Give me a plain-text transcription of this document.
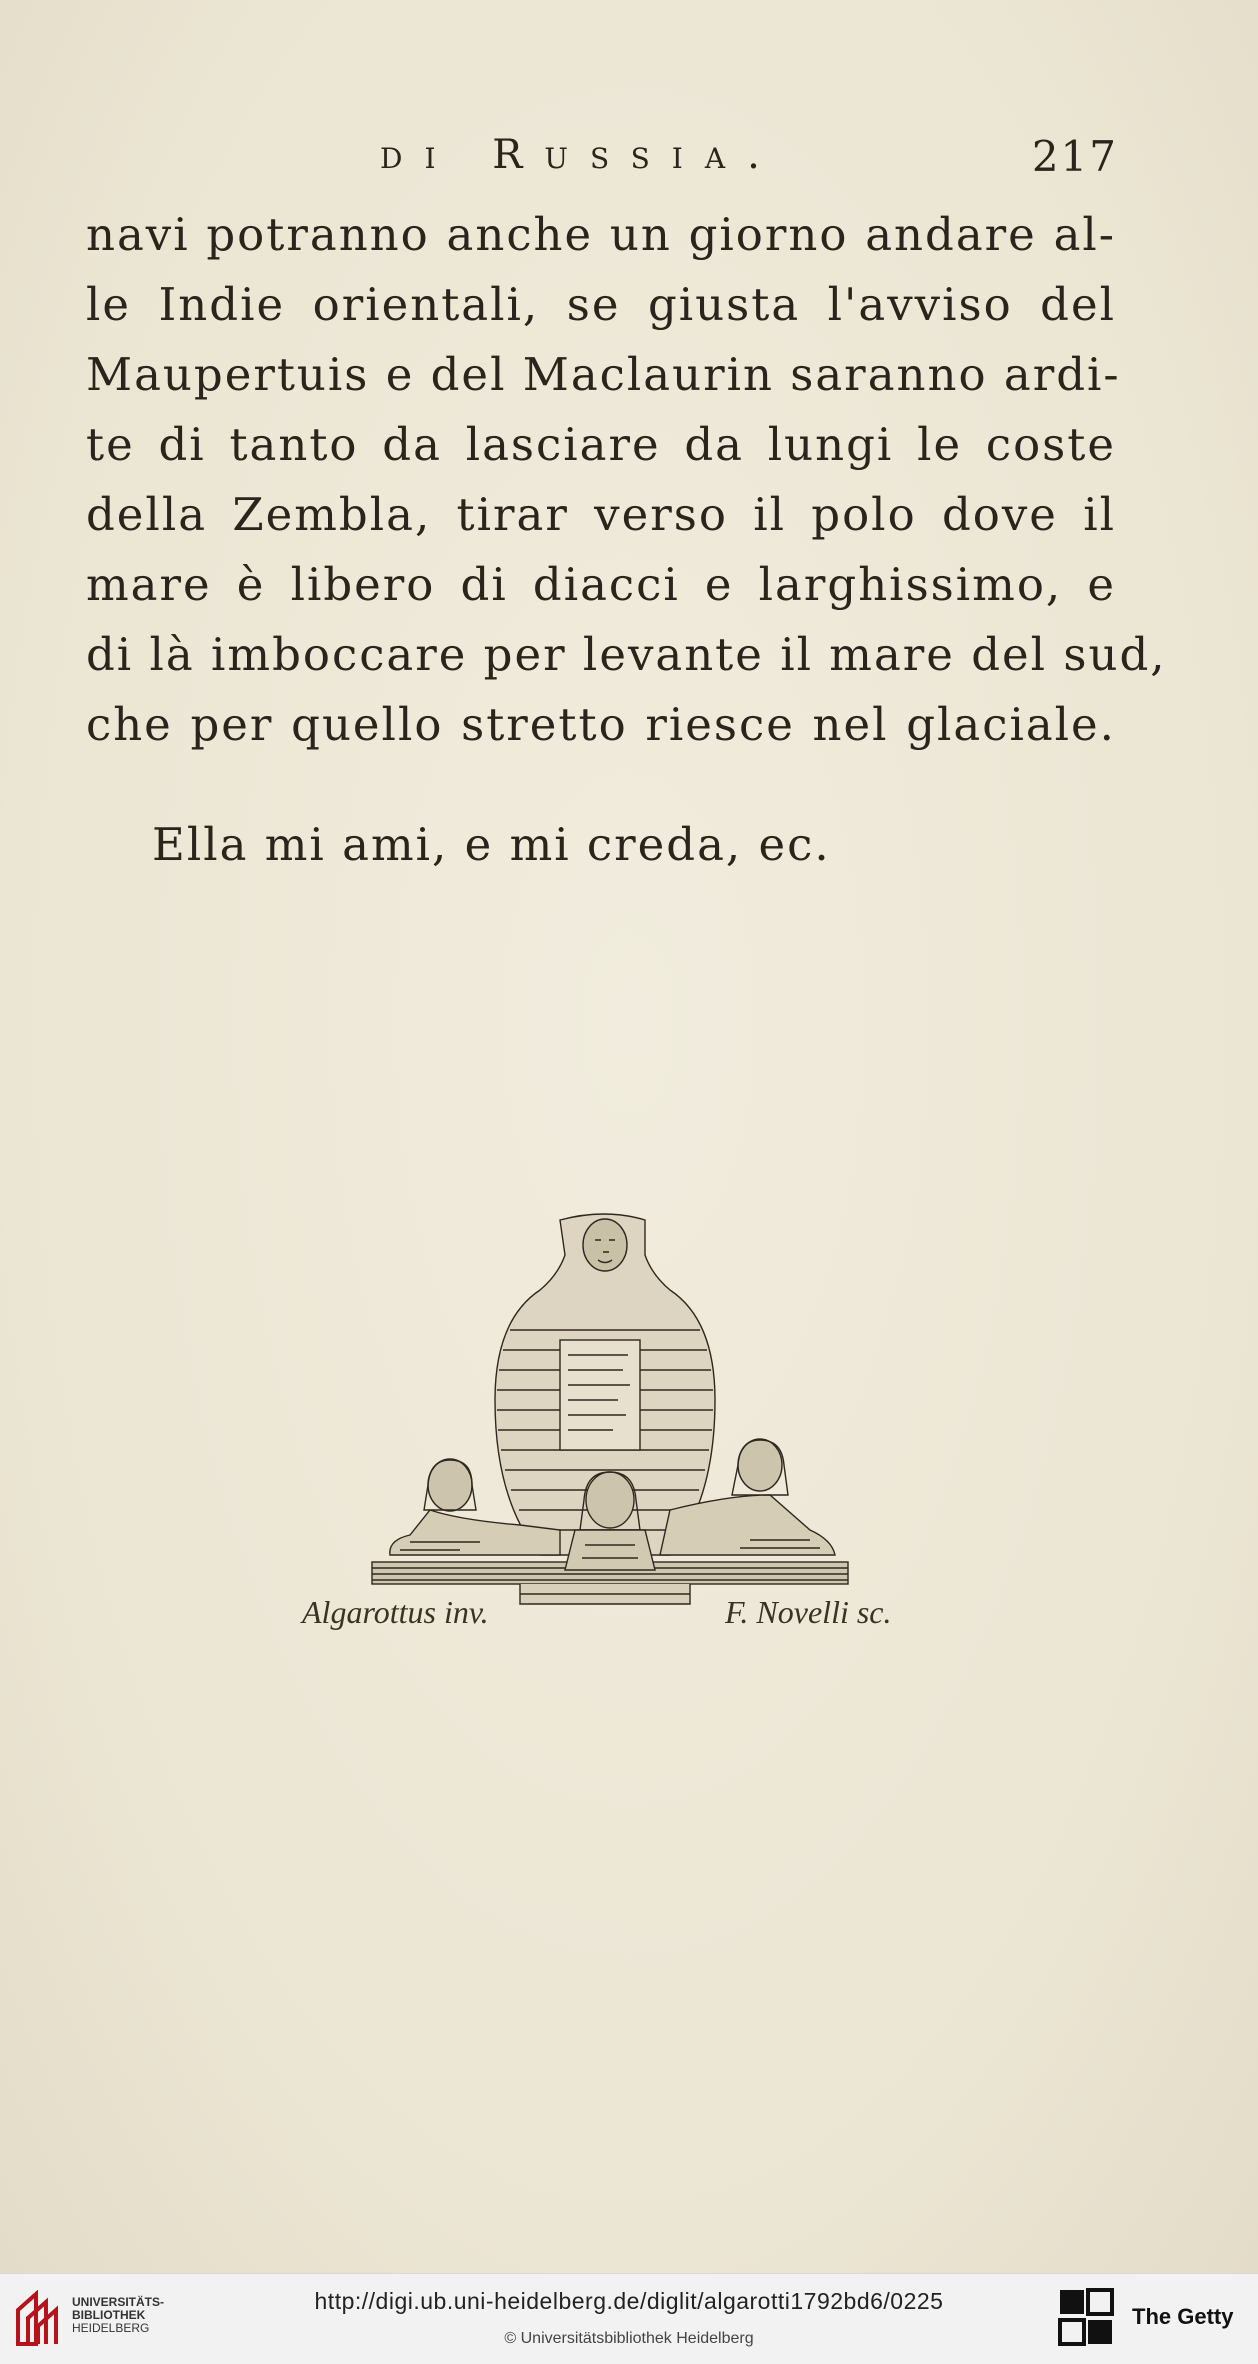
di Russia.	217
navi potranno anche un giorno andare al-
le Indie orientali, se giusta l'avviso del
Maupertuis e del Maclaurin saranno ardi-
te di tanto da lasciare da lungi le coste
della Zembla, tirar verso il polo dove il
mare è libero di diacci e larghissimo, e
di là imboccare per levante il mare del sud,
che per quello stretto riesce nel glaciale.
Ella mi ami, e mi creda, ec.
Algarottus inv.	F. Novelli sc.
UNIVERSITÄTS-
BIBLIOTHEK
HEIDELBERG
http://digi.ub.uni-heidelberg.de/diglit/algarotti1792bd6/0225
© Universitätsbibliothek Heidelberg
The Getty
